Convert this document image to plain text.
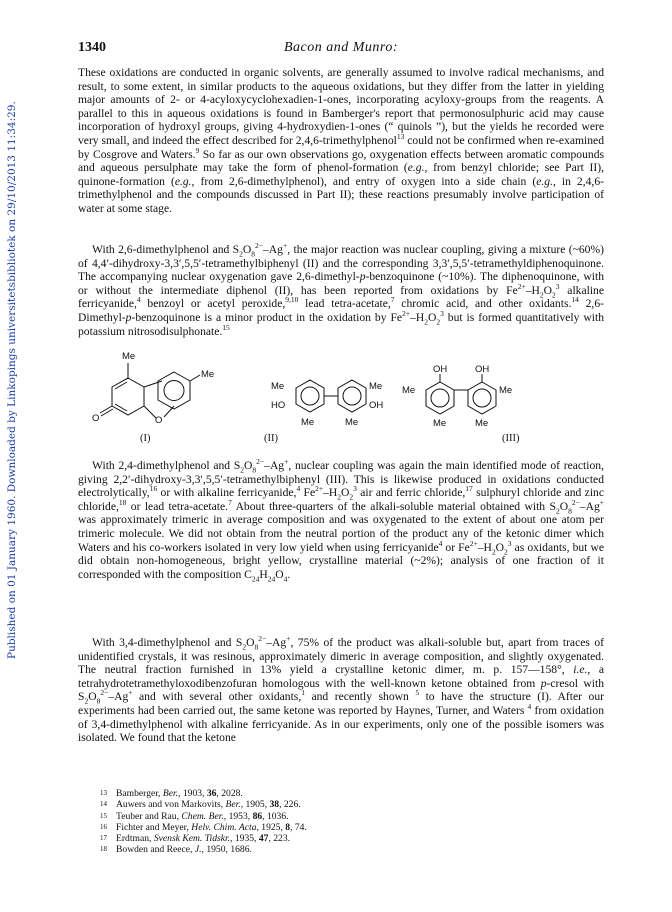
Published on 01 January 1960. Downloaded by Linkopings universitetsbibliotek on 29/10/2013 11:34:29.
1340	Bacon and Munro:

These oxidations are conducted in organic solvents, are generally assumed to involve radical mechanisms, and result, to some extent, in similar products to the aqueous oxidations, but they differ from the latter in yielding major amounts of 2- or 4-acyloxycyclohexadien-1-ones, incorporating acyloxy-groups from the reagents. A parallel to this in aqueous oxidations is found in Bamberger's report that permonosulphuric acid may cause incorporation of hydroxyl groups, giving 4-hydroxydien-1-ones (“ quinols ”), but the yields he recorded were very small, and indeed the effect described for 2,4,6-trimethylphenol$^{13}$ could not be confirmed when re-examined by Cosgrove and Waters.$^9$ So far as our own observations go, oxygenation effects between aromatic compounds and aqueous persulphate may take the form of phenol-formation (e.g., from benzyl chloride; see Part II), quinone-formation (e.g., from 2,6-dimethylphenol), and entry of oxygen into a side chain (e.g., in 2,4,6-trimethylphenol and the compounds discussed in Part II); these reactions presumably involve participation of water at some stage.

With 2,6-dimethylphenol and $S_2O_8^{2-}-Ag^+$, the major reaction was nuclear coupling, giving a mixture (~60%) of 4,4′-dihydroxy-3,3′,5,5′-tetramethylbiphenyl (II) and the corresponding 3,3′,5,5′-tetramethyldiphenoquinone. The accompanying nuclear oxygenation gave 2,6-dimethyl-p-benzoquinone (~10%). The diphenoquinone, with or without the intermediate diphenol (II), has been reported from oxidations by $Fe^{2+}-H_2O_2^3$ alkaline ferricyanide,$^4$ benzoyl or acetyl peroxide,$^{9,10}$ lead tetra-acetate,$^7$ chromic acid, and other oxidants.$^{14}$ 2,6-Dimethyl-p-benzoquinone is a minor product in the oxidation by $Fe^{2+}-H_2O_2^3$ but is formed quantitatively with potassium nitrosodisulphonate.$^{15}$

Me
O	O
Me
Me
HO
Me
Me
OH
Me
OH	OH
Me	Me
Me	Me
(I)	(II)	(III)

With 2,4-dimethylphenol and $S_2O_8^{2-}-Ag^+$, nuclear coupling was again the main identified mode of reaction, giving 2,2′-dihydroxy-3,3′,5,5′-tetramethylbiphenyl (III). This is likewise produced in oxidations conducted electrolytically,$^{16}$ or with alkaline ferricyanide,$^4$ $Fe^{2+}-H_2O_2^3$ air and ferric chloride,$^{17}$ sulphuryl chloride and zinc chloride,$^{18}$ or lead tetra-acetate.$^7$ About three-quarters of the alkali-soluble material obtained with $S_2O_8^{2-}-Ag^+$ was approximately trimeric in average composition and was oxygenated to the extent of about one atom per trimeric molecule. We did not obtain from the neutral portion of the product any of the ketonic dimer which Waters and his co-workers isolated in very low yield when using ferricyanide$^4$ or $Fe^{2+}-H_2O_2^3$ as oxidants, but we did obtain non-homogeneous, bright yellow, crystalline material (~2%); analysis of one fraction of it corresponded with the composition $C_{24}H_{24}O_4$.

With 3,4-dimethylphenol and $S_2O_8^{2-}-Ag^+$, 75% of the product was alkali-soluble but, apart from traces of unidentified crystals, it was resinous, approximately dimeric in average composition, and slightly oxygenated. The neutral fraction furnished in 13% yield a crystalline ketonic dimer, m. p. 157—158°, i.e., a tetrahydrotetramethyloxodibenzofuran homologous with the well-known ketone obtained from p-cresol with $S_2O_8^{2-}-Ag^+$ and with several other oxidants,$^1$ and recently shown $^5$ to have the structure (I). After our experiments had been carried out, the same ketone was reported by Haynes, Turner, and Waters $^4$ from oxidation of 3,4-dimethylphenol with alkaline ferricyanide. As in our experiments, only one of the possible isomers was isolated. We found that the ketone

13 Bamberger, Ber., 1903, 36, 2028.
14 Auwers and von Markovits, Ber., 1905, 38, 226.
15 Teuber and Rau, Chem. Ber., 1953, 86, 1036.
16 Fichter and Meyer, Helv. Chim. Acta, 1925, 8, 74.
17 Erdtman, Svensk Kem. Tidskr., 1935, 47, 223.
18 Bowden and Reece, J., 1950, 1686.
